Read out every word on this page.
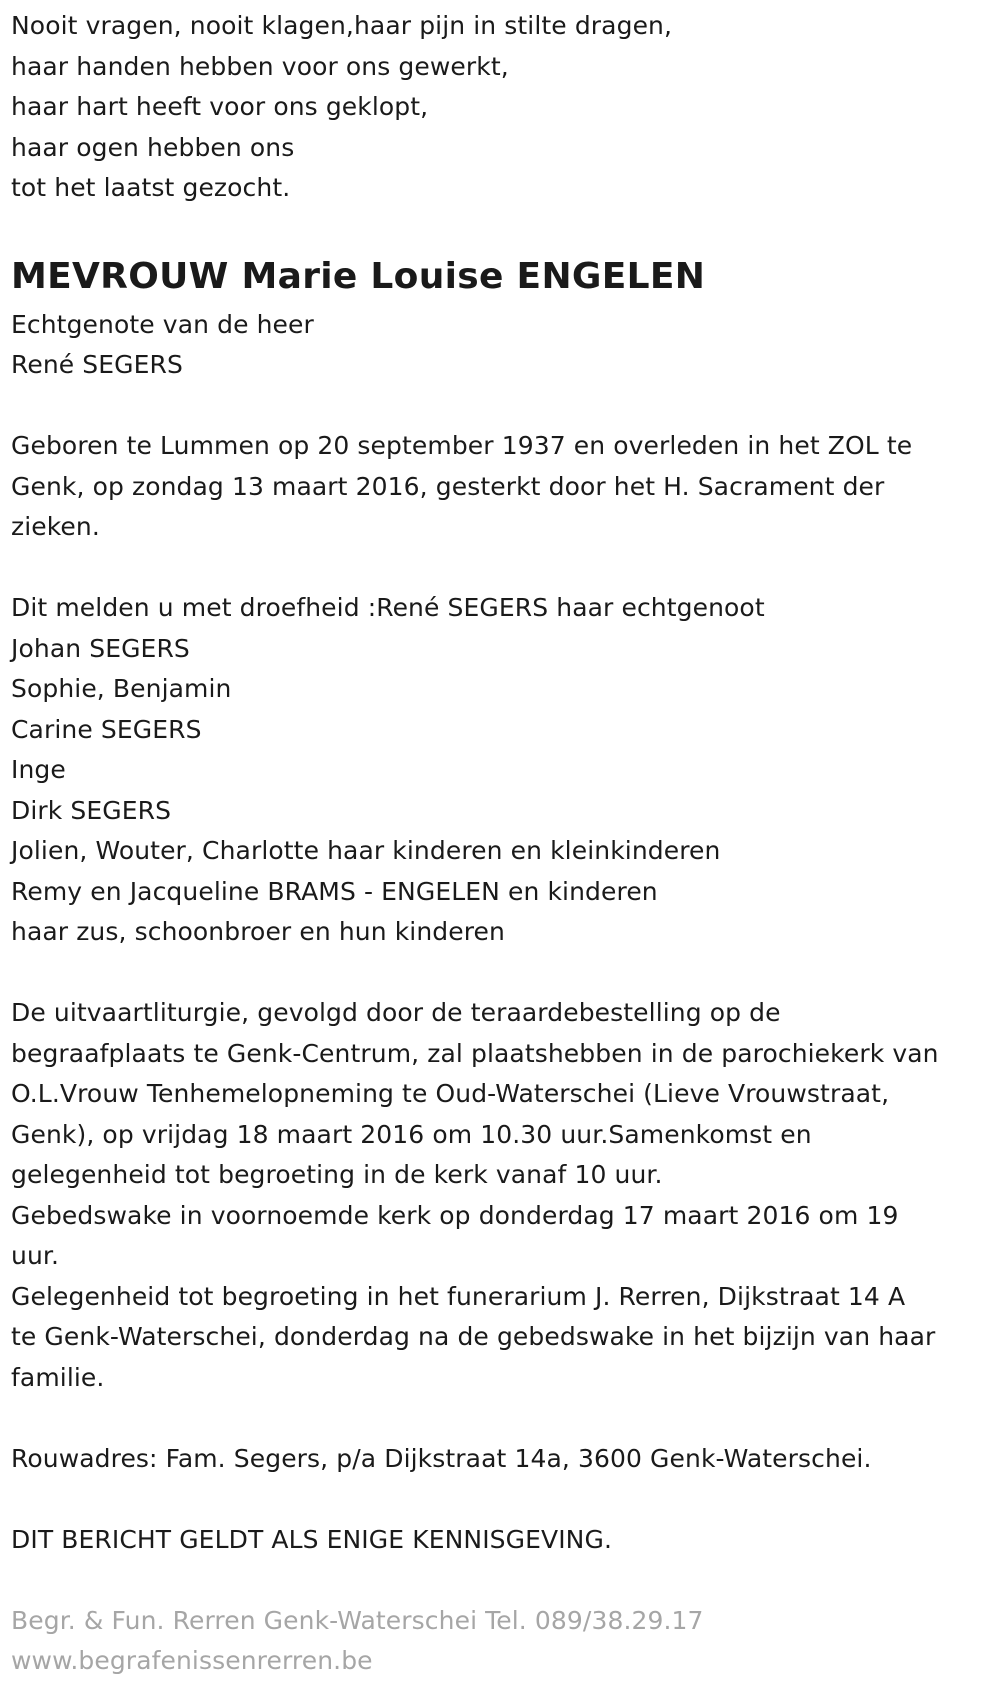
Nooit vragen, nooit klagen,haar pijn in stilte dragen,
haar handen hebben voor ons gewerkt,
haar hart heeft voor ons geklopt,
haar ogen hebben ons
tot het laatst gezocht.
MEVROUW Marie Louise ENGELEN
Echtgenote van de heer
René SEGERS
Geboren te Lummen op 20 september 1937 en overleden in het ZOL te
Genk, op zondag 13 maart 2016, gesterkt door het H. Sacrament der
zieken.
Dit melden u met droefheid :René SEGERS haar echtgenoot
Johan SEGERS
Sophie, Benjamin
Carine SEGERS
Inge
Dirk SEGERS
Jolien, Wouter, Charlotte haar kinderen en kleinkinderen
Remy en Jacqueline BRAMS - ENGELEN en kinderen
haar zus, schoonbroer en hun kinderen
De uitvaartliturgie, gevolgd door de teraardebestelling op de
begraafplaats te Genk-Centrum, zal plaatshebben in de parochiekerk van
O.L.Vrouw Tenhemelopneming te Oud-Waterschei (Lieve Vrouwstraat,
Genk), op vrijdag 18 maart 2016 om 10.30 uur.Samenkomst en
gelegenheid tot begroeting in de kerk vanaf 10 uur.
Gebedswake in voornoemde kerk op donderdag 17 maart 2016 om 19
uur.
Gelegenheid tot begroeting in het funerarium J. Rerren, Dijkstraat 14 A
te Genk-Waterschei, donderdag na de gebedswake in het bijzijn van haar
familie.
Rouwadres: Fam. Segers, p/a Dijkstraat 14a, 3600 Genk-Waterschei.
DIT BERICHT GELDT ALS ENIGE KENNISGEVING.
Begr. & Fun. Rerren Genk-Waterschei Tel. 089/38.29.17
www.begrafenissenrerren.be
